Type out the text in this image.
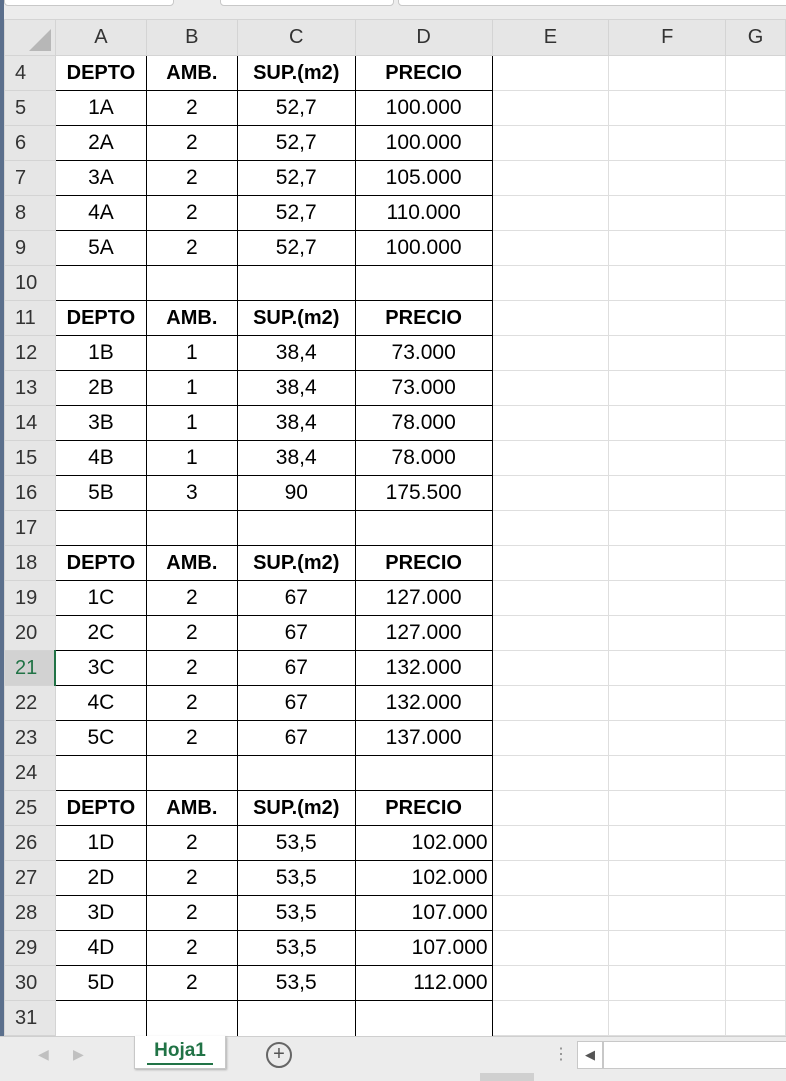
	A	B	C	D	E	F	G
4	DEPTO	AMB.	SUP.(m2)	PRECIO			
5	1A	2	52,7	100.000			
6	2A	2	52,7	100.000			
7	3A	2	52,7	105.000			
8	4A	2	52,7	110.000			
9	5A	2	52,7	100.000			
10							
11	DEPTO	AMB.	SUP.(m2)	PRECIO			
12	1B	1	38,4	73.000			
13	2B	1	38,4	73.000			
14	3B	1	38,4	78.000			
15	4B	1	38,4	78.000			
16	5B	3	90	175.500			
17							
18	DEPTO	AMB.	SUP.(m2)	PRECIO			
19	1C	2	67	127.000			
20	2C	2	67	127.000			
21	3C	2	67	132.000			
22	4C	2	67	132.000			
23	5C	2	67	137.000			
24							
25	DEPTO	AMB.	SUP.(m2)	PRECIO			
26	1D	2	53,5	102.000			
27	2D	2	53,5	102.000			
28	3D	2	53,5	107.000			
29	4D	2	53,5	107.000			
30	5D	2	53,5	112.000			
31							
◀ ▶	Hoja1	+	⋮	◀
